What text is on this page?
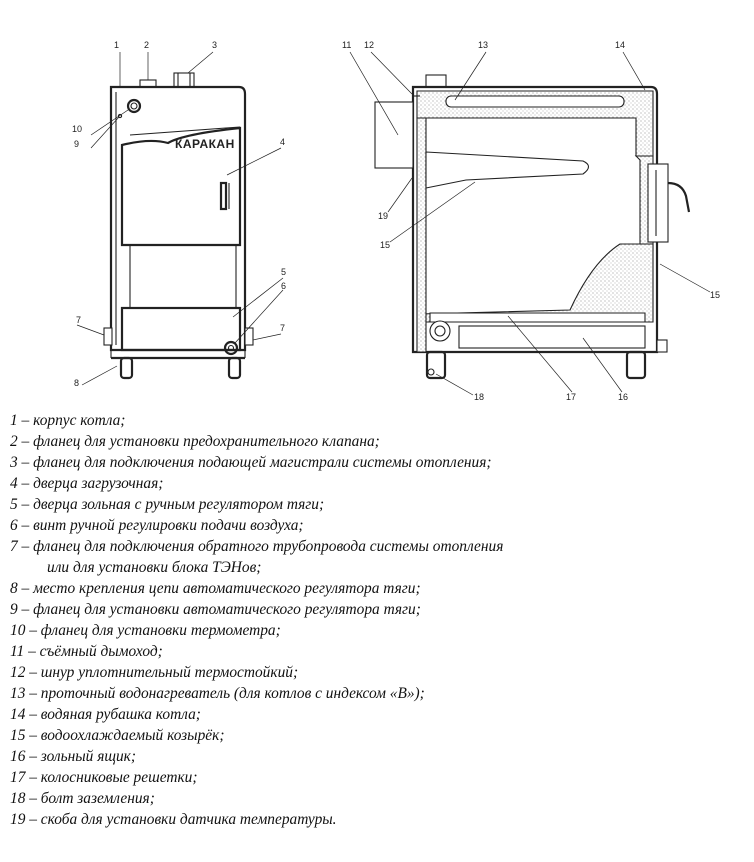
КАРАКАН
1	2	3
10
9	4
5
6
7
7
8
11 12	13	14
19
15
15
18	17	16
1 – корпус котла;
2 – фланец для установки предохранительного клапана;
3 – фланец для подключения подающей магистрали системы отопления;
4 – дверца загрузочная;
5 – дверца зольная с ручным регулятором тяги;
6 – винт ручной регулировки подачи воздуха;
7 – фланец для подключения обратного трубопровода системы отопления
или для установки блока ТЭНов;
8 – место крепления цепи автоматического регулятора тяги;
9 – фланец для установки автоматического регулятора тяги;
10 – фланец для установки термометра;
11 – съёмный дымоход;
12 – шнур уплотнительный термостойкий;
13 – проточный водонагреватель (для котлов с индексом «В»);
14 – водяная рубашка котла;
15 – водоохлаждаемый козырёк;
16 – зольный ящик;
17 – колосниковые решетки;
18 – болт заземления;
19 – скоба для установки датчика температуры.
